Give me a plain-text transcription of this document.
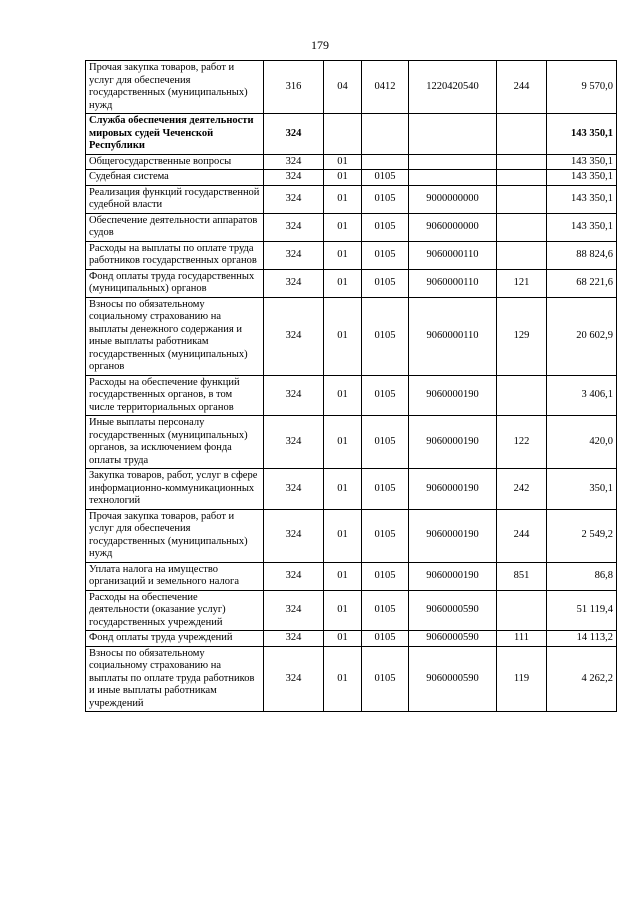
179
Прочая закупка товаров, работ и услуг для обеспечения государственных (муниципальных) нужд	316	04	0412	1220420540	244	9 570,0
Служба обеспечения деятельности мировых судей Чеченской Республики	324					143 350,1
Общегосударственные вопросы	324	01				143 350,1
Судебная система	324	01	0105			143 350,1
Реализация функций государственной судебной власти	324	01	0105	9000000000		143 350,1
Обеспечение деятельности аппаратов судов	324	01	0105	9060000000		143 350,1
Расходы на выплаты по оплате труда работников государственных органов	324	01	0105	9060000110		88 824,6
Фонд оплаты труда государственных (муниципальных) органов	324	01	0105	9060000110	121	68 221,6
Взносы по обязательному социальному страхованию на выплаты денежного содержания и иные выплаты работникам государственных (муниципальных) органов	324	01	0105	9060000110	129	20 602,9
Расходы на обеспечение функций государственных органов, в том числе территориальных органов	324	01	0105	9060000190		3 406,1
Иные выплаты персоналу государственных (муниципальных) органов, за исключением фонда оплаты труда	324	01	0105	9060000190	122	420,0
Закупка товаров, работ, услуг в сфере информационно-коммуникационных технологий	324	01	0105	9060000190	242	350,1
Прочая закупка товаров, работ и услуг для обеспечения государственных (муниципальных) нужд	324	01	0105	9060000190	244	2 549,2
Уплата налога на имущество организаций и земельного налога	324	01	0105	9060000190	851	86,8
Расходы на обеспечение деятельности (оказание услуг) государственных учреждений	324	01	0105	9060000590		51 119,4
Фонд оплаты труда учреждений	324	01	0105	9060000590	111	14 113,2
Взносы по обязательному социальному страхованию на выплаты по оплате труда работников и иные выплаты работникам учреждений	324	01	0105	9060000590	119	4 262,2
